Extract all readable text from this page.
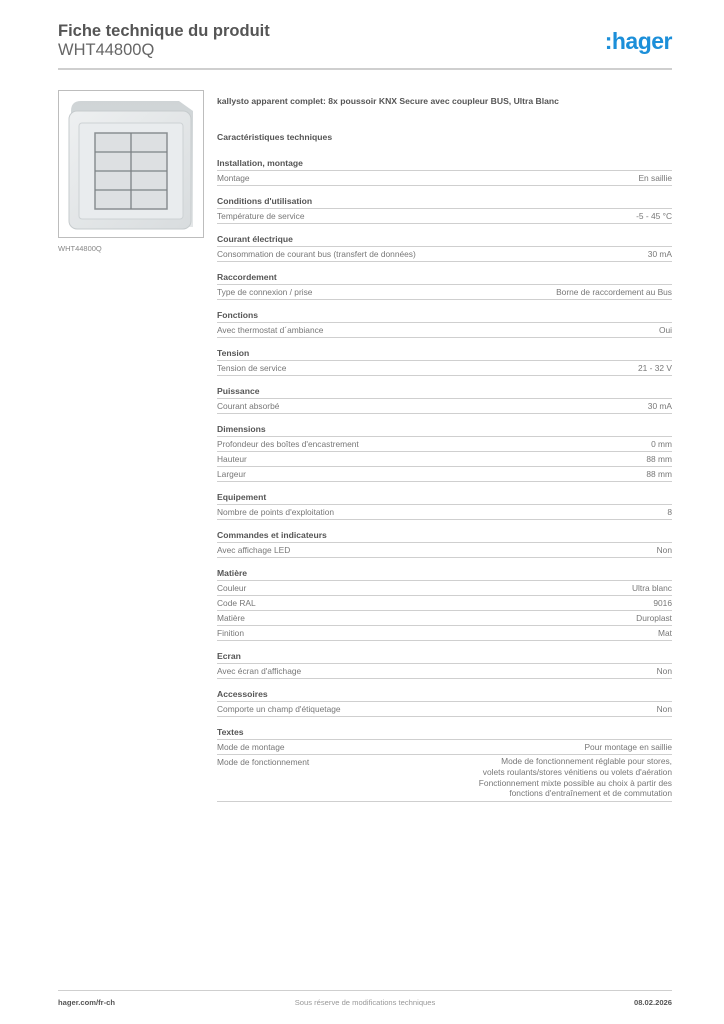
Fiche technique du produit
WHT44800Q	:hager
WHT44800Q
kallysto apparent complet: 8x poussoir KNX Secure avec coupleur BUS, Ultra Blanc
Caractéristiques techniques
Installation, montage
Montage	En saillie
Conditions d'utilisation
Température de service	-5 - 45 °C
Courant électrique
Consommation de courant bus (transfert de données)	30 mA
Raccordement
Type de connexion / prise	Borne de raccordement au Bus
Fonctions
Avec thermostat d´ambiance	Oui
Tension
Tension de service	21 - 32 V
Puissance
Courant absorbé	30 mA
Dimensions
Profondeur des boîtes d'encastrement	0 mm
Hauteur	88 mm
Largeur	88 mm
Equipement
Nombre de points d'exploitation	8
Commandes et indicateurs
Avec affichage LED	Non
Matière
Couleur	Ultra blanc
Code RAL	9016
Matière	Duroplast
Finition	Mat
Ecran
Avec écran d'affichage	Non
Accessoires
Comporte un champ d'étiquetage	Non
Textes
Mode de montage	Pour montage en saillie
Mode de fonctionnement	Mode de fonctionnement réglable pour stores,
volets roulants/stores vénitiens ou volets d'aération
Fonctionnement mixte possible au choix à partir des
fonctions d'entraînement et de commutation
hager.com/fr-ch	Sous réserve de modifications techniques	08.02.2026
